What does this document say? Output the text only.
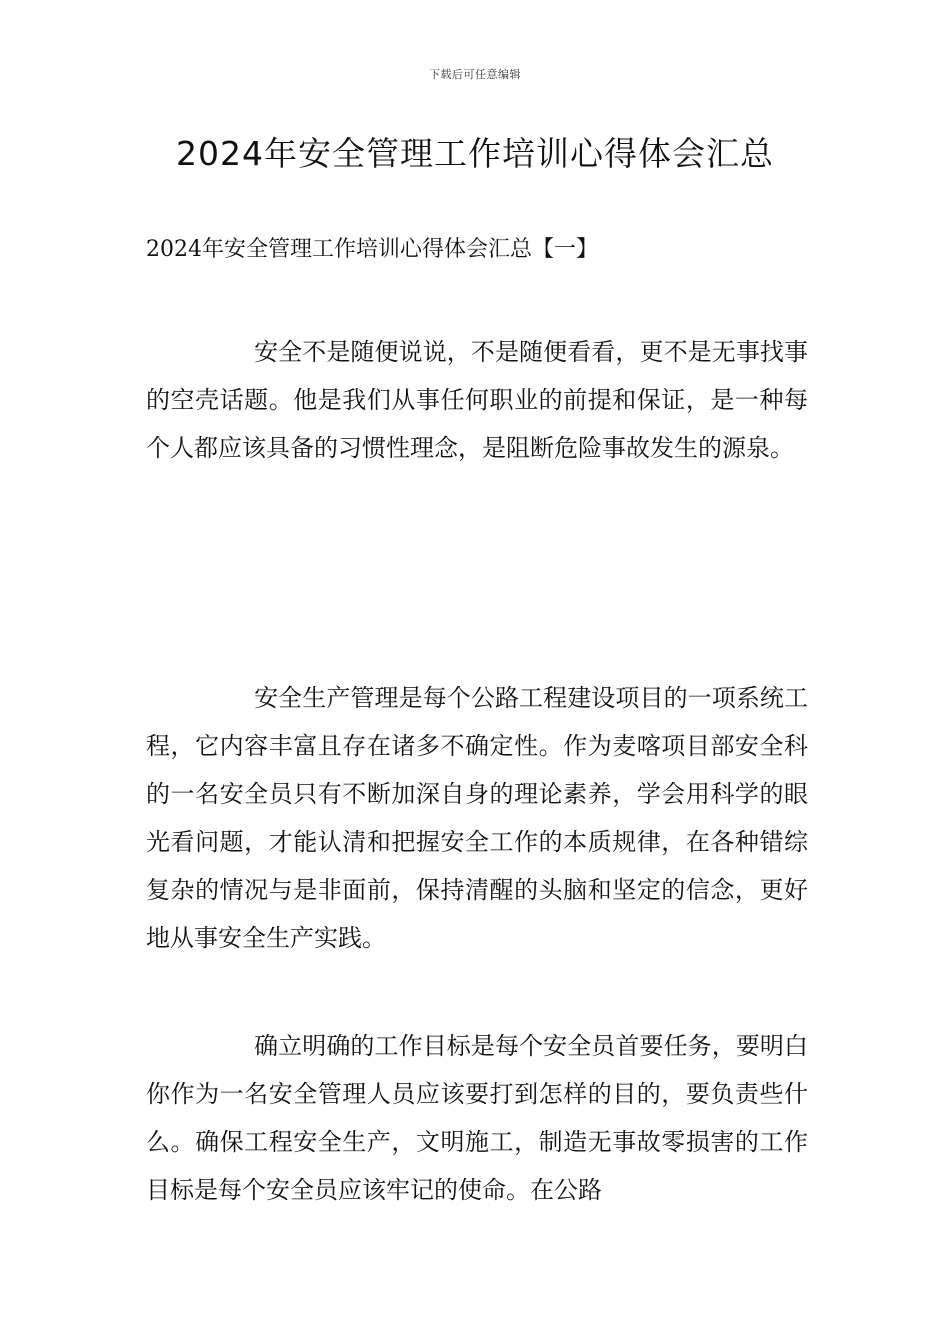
下载后可任意编辑
2024年安全管理工作培训心得体会汇总
2024年安全管理工作培训心得体会汇总【一】

安全不是随便说说，不是随便看看，更不是无事找事的空壳话题。他是我们从事任何职业的前提和保证，是一种每个人都应该具备的习惯性理念，是阻断危险事故发生的源泉。

安全生产管理是每个公路工程建设项目的一项系统工程，它内容丰富且存在诸多不确定性。作为麦喀项目部安全科的一名安全员只有不断加深自身的理论素养，学会用科学的眼光看问题，才能认清和把握安全工作的本质规律，在各种错综复杂的情况与是非面前，保持清醒的头脑和坚定的信念，更好地从事安全生产实践。

确立明确的工作目标是每个安全员首要任务，要明白你作为一名安全管理人员应该要打到怎样的目的，要负责些什么。确保工程安全生产，文明施工，制造无事故零损害的工作目标是每个安全员应该牢记的使命。在公路
